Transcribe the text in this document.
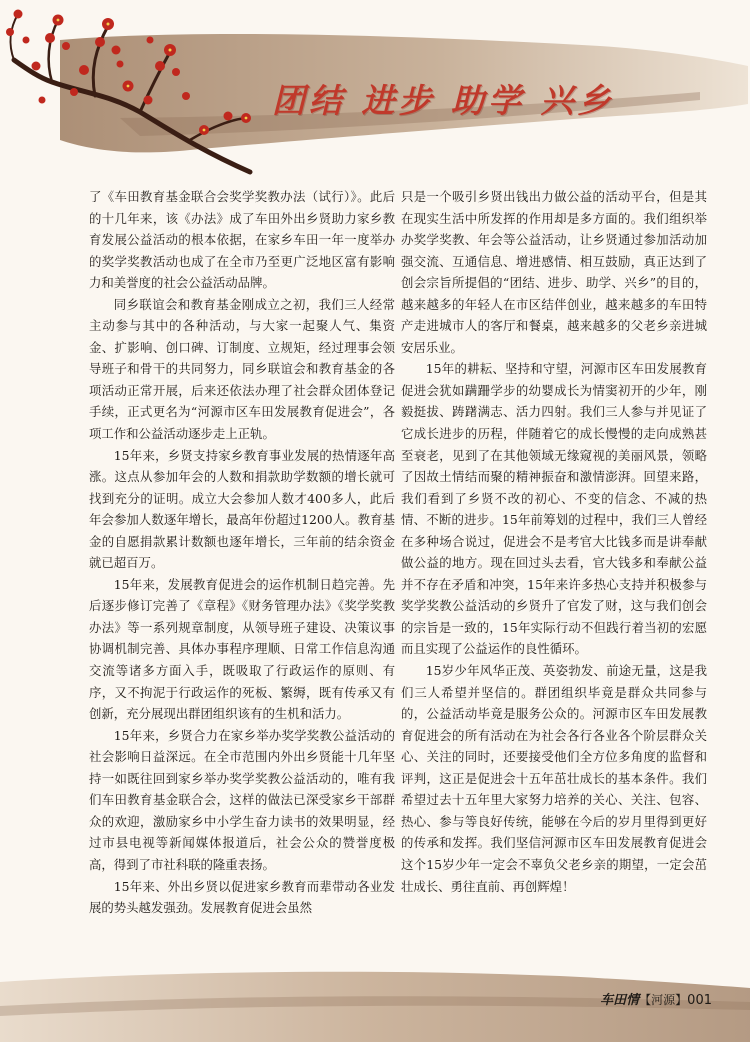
团结 进步 助学 兴乡

了《车田教育基金联合会奖学奖教办法（试行）》。此后的十几年来，该《办法》成了车田外出乡贤助力家乡教育发展公益活动的根本依据，在家乡车田一年一度举办的奖学奖教活动也成了在全市乃至更广泛地区富有影响力和美誉度的社会公益活动品牌。

同乡联谊会和教育基金刚成立之初，我们三人经常主动参与其中的各种活动，与大家一起聚人气、集资金、扩影响、创口碑、订制度、立规矩，经过理事会领导班子和骨干的共同努力，同乡联谊会和教育基金的各项活动正常开展，后来还依法办理了社会群众团体登记手续，正式更名为“河源市区车田发展教育促进会”，各项工作和公益活动逐步走上正轨。

15年来，乡贤支持家乡教育事业发展的热情逐年高涨。这点从参加年会的人数和捐款助学数额的增长就可找到充分的证明。成立大会参加人数才400多人，此后年会参加人数逐年增长，最高年份超过1200人。教育基金的自愿捐款累计数额也逐年增长，三年前的结余资金就已超百万。

15年来，发展教育促进会的运作机制日趋完善。先后逐步修订完善了《章程》《财务管理办法》《奖学奖教办法》等一系列规章制度，从领导班子建设、决策议事协调机制完善、具体办事程序理顺、日常工作信息沟通交流等诸多方面入手，既吸取了行政运作的原则、有序，又不拘泥于行政运作的死板、繁缛，既有传承又有创新，充分展现出群团组织该有的生机和活力。

15年来，乡贤合力在家乡举办奖学奖教公益活动的社会影响日益深远。在全市范围内外出乡贤能十几年坚持一如既往回到家乡举办奖学奖教公益活动的，唯有我们车田教育基金联合会，这样的做法已深受家乡干部群众的欢迎，激励家乡中小学生奋力读书的效果明显，经过市县电视等新闻媒体报道后，社会公众的赞誉度极高，得到了市社科联的隆重表扬。

15年来、外出乡贤以促进家乡教育而辈带动各业发展的势头越发强劲。发展教育促进会虽然

只是一个吸引乡贤出钱出力做公益的活动平台，但是其在现实生活中所发挥的作用却是多方面的。我们组织举办奖学奖教、年会等公益活动，让乡贤通过参加活动加强交流、互通信息、增进感情、相互鼓励，真正达到了创会宗旨所提倡的“团结、进步、助学、兴乡”的目的，越来越多的年轻人在市区结伴创业，越来越多的车田特产走进城市人的客厅和餐桌，越来越多的父老乡亲进城安居乐业。

15年的耕耘、坚持和守望，河源市区车田发展教育促进会犹如蹒跚学步的幼婴成长为情窦初开的少年，刚毅挺拔、踌躇满志、活力四射。我们三人参与并见证了它成长进步的历程，伴随着它的成长慢慢的走向成熟甚至衰老，见到了在其他领域无缘窥视的美丽风景，领略了因故土情结而聚的精神振奋和激情澎湃。回望来路，我们看到了乡贤不改的初心、不变的信念、不减的热情、不断的进步。15年前筹划的过程中，我们三人曾经在多种场合说过，促进会不是考官大比钱多而是讲奉献做公益的地方。现在回过头去看，官大钱多和奉献公益并不存在矛盾和冲突，15年来许多热心支持并积极参与奖学奖教公益活动的乡贤升了官发了财，这与我们创会的宗旨是一致的，15年实际行动不但践行着当初的宏愿而且实现了公益运作的良性循环。

15岁少年风华正茂、英姿勃发、前途无量，这是我们三人希望并坚信的。群团组织毕竟是群众共同参与的，公益活动毕竟是服务公众的。河源市区车田发展教育促进会的所有活动在为社会各行各业各个阶层群众关心、关注的同时，还要接受他们全方位多角度的监督和评判，这正是促进会十五年茁壮成长的基本条件。我们希望过去十五年里大家努力培养的关心、关注、包容、热心、参与等良好传统，能够在今后的岁月里得到更好的传承和发挥。我们坚信河源市区车田发展教育促进会这个15岁少年一定会不辜负父老乡亲的期望，一定会茁壮成长、勇往直前、再创辉煌！

车田情【河源】001
